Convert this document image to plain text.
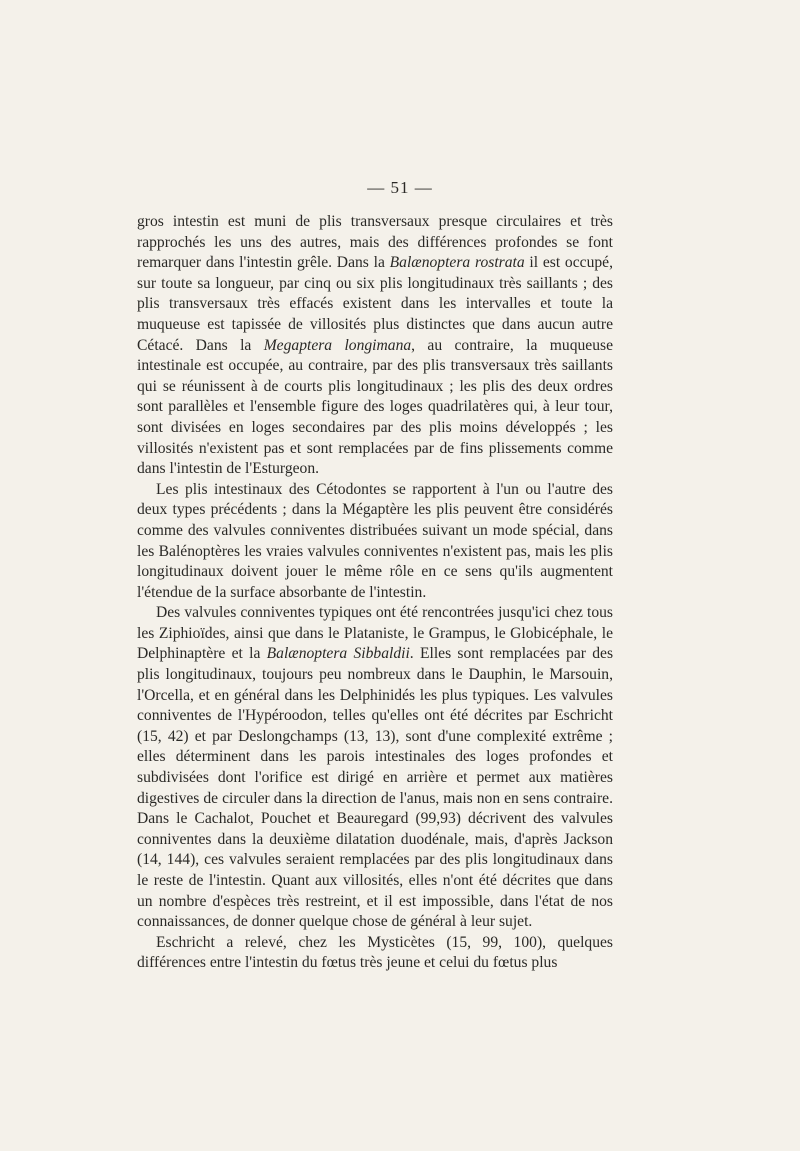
— 51 —

gros intestin est muni de plis transversaux presque circulaires et très rapprochés les uns des autres, mais des différences profondes se font remarquer dans l'intestin grêle. Dans la Balænoptera rostrata il est occupé, sur toute sa longueur, par cinq ou six plis longitudinaux très saillants ; des plis transversaux très effacés existent dans les intervalles et toute la muqueuse est tapissée de villosités plus distinctes que dans aucun autre Cétacé. Dans la Megaptera longimana, au contraire, la muqueuse intestinale est occupée, au contraire, par des plis transversaux très saillants qui se réunissent à de courts plis longitudinaux ; les plis des deux ordres sont parallèles et l'ensemble figure des loges quadrilatères qui, à leur tour, sont divisées en loges secondaires par des plis moins développés ; les villosités n'existent pas et sont remplacées par de fins plissements comme dans l'intestin de l'Esturgeon.

Les plis intestinaux des Cétodontes se rapportent à l'un ou l'autre des deux types précédents ; dans la Mégaptère les plis peuvent être considérés comme des valvules conniventes distribuées suivant un mode spécial, dans les Balénoptères les vraies valvules conniventes n'existent pas, mais les plis longitudinaux doivent jouer le même rôle en ce sens qu'ils augmentent l'étendue de la surface absorbante de l'intestin.

Des valvules conniventes typiques ont été rencontrées jusqu'ici chez tous les Ziphioïdes, ainsi que dans le Plataniste, le Grampus, le Globicéphale, le Delphinaptère et la Balænoptera Sibbaldii. Elles sont remplacées par des plis longitudinaux, toujours peu nombreux dans le Dauphin, le Marsouin, l'Orcella, et en général dans les Delphinidés les plus typiques. Les valvules conniventes de l'Hypéroodon, telles qu'elles ont été décrites par Eschricht (15, 42) et par Deslongchamps (13, 13), sont d'une complexité extrême ; elles déterminent dans les parois intestinales des loges profondes et subdivisées dont l'orifice est dirigé en arrière et permet aux matières digestives de circuler dans la direction de l'anus, mais non en sens contraire. Dans le Cachalot, Pouchet et Beauregard (99,93) décrivent des valvules conniventes dans la deuxième dilatation duodénale, mais, d'après Jackson (14, 144), ces valvules seraient remplacées par des plis longitudinaux dans le reste de l'intestin. Quant aux villosités, elles n'ont été décrites que dans un nombre d'espèces très restreint, et il est impossible, dans l'état de nos connaissances, de donner quelque chose de général à leur sujet.

Eschricht a relevé, chez les Mysticètes (15, 99, 100), quelques différences entre l'intestin du fœtus très jeune et celui du fœtus plus
